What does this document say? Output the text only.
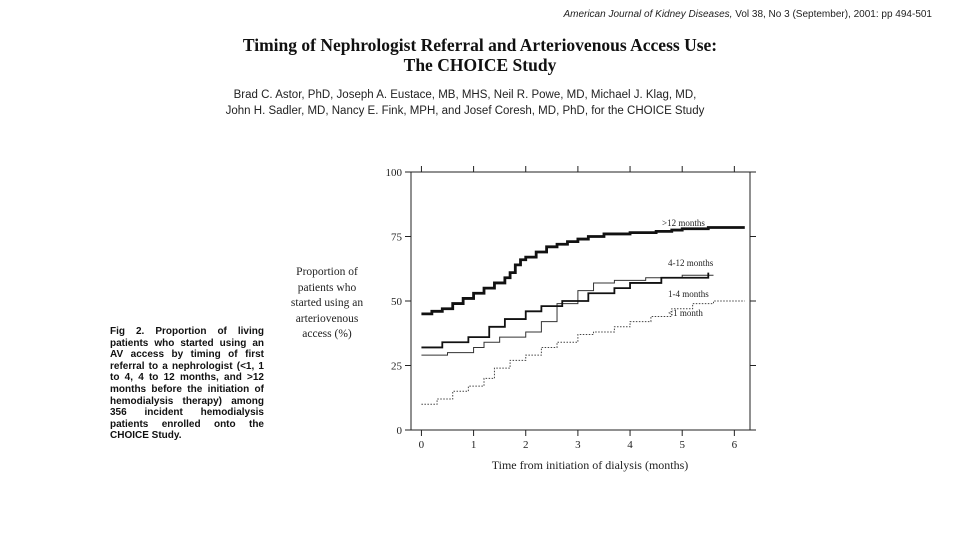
American Journal of Kidney Diseases, Vol 38, No 3 (September), 2001: pp 494-501
Timing of Nephrologist Referral and Arteriovenous Access Use:
The CHOICE Study
Brad C. Astor, PhD, Joseph A. Eustace, MB, MHS, Neil R. Powe, MD, Michael J. Klag, MD,
John H. Sadler, MD, Nancy E. Fink, MPH, and Josef Coresh, MD, PhD, for the CHOICE Study
Fig 2. Proportion of living patients who started using an AV access by timing of first referral to a nephrologist (<1, 1 to 4, 4 to 12 months, and >12 months before the initiation of hemodialysis therapy) among 356 incident hemodialysis patients enrolled onto the CHOICE Study.
Proportion of
patients who
started using an
arteriovenous
access (%)
Time from initiation of dialysis (months)
0	1	2	3	4	5	6
0
25
50
75
100
>12 months
4-12 months
1-4 months
<1 month
